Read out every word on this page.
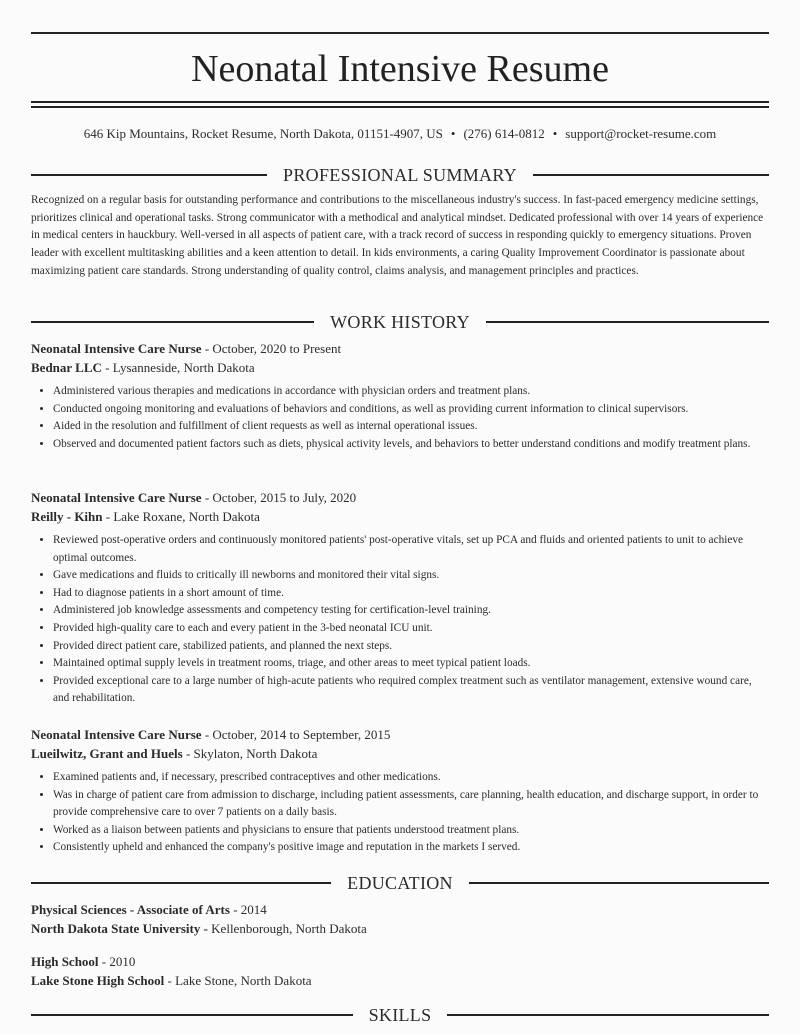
Neonatal Intensive Resume
646 Kip Mountains, Rocket Resume, North Dakota, 01151-4907, US • (276) 614-0812 • support@rocket-resume.com
PROFESSIONAL SUMMARY

Recognized on a regular basis for outstanding performance and contributions to the miscellaneous industry's success. In fast-paced emergency medicine settings, prioritizes clinical and operational tasks. Strong communicator with a methodical and analytical mindset. Dedicated professional with over 14 years of experience in medical centers in hauckbury. Well-versed in all aspects of patient care, with a track record of success in responding quickly to emergency situations. Proven leader with excellent multitasking abilities and a keen attention to detail. In kids environments, a caring Quality Improvement Coordinator is passionate about maximizing patient care standards. Strong understanding of quality control, claims analysis, and management principles and practices.

WORK HISTORY
Neonatal Intensive Care Nurse - October, 2020 to Present
Bednar LLC - Lysanneside, North Dakota
• Administered various therapies and medications in accordance with physician orders and treatment plans.
• Conducted ongoing monitoring and evaluations of behaviors and conditions, as well as providing current information to clinical supervisors.
• Aided in the resolution and fulfillment of client requests as well as internal operational issues.
• Observed and documented patient factors such as diets, physical activity levels, and behaviors to better understand conditions and modify treatment plans.
Neonatal Intensive Care Nurse - October, 2015 to July, 2020
Reilly - Kihn - Lake Roxane, North Dakota
• Reviewed post-operative orders and continuously monitored patients' post-operative vitals, set up PCA and fluids and oriented patients to unit to achieve optimal outcomes.
• Gave medications and fluids to critically ill newborns and monitored their vital signs.
• Had to diagnose patients in a short amount of time.
• Administered job knowledge assessments and competency testing for certification-level training.
• Provided high-quality care to each and every patient in the 3-bed neonatal ICU unit.
• Provided direct patient care, stabilized patients, and planned the next steps.
• Maintained optimal supply levels in treatment rooms, triage, and other areas to meet typical patient loads.
• Provided exceptional care to a large number of high-acute patients who required complex treatment such as ventilator management, extensive wound care, and rehabilitation.
Neonatal Intensive Care Nurse - October, 2014 to September, 2015
Lueilwitz, Grant and Huels - Skylaton, North Dakota
• Examined patients and, if necessary, prescribed contraceptives and other medications.
• Was in charge of patient care from admission to discharge, including patient assessments, care planning, health education, and discharge support, in order to provide comprehensive care to over 7 patients on a daily basis.
• Worked as a liaison between patients and physicians to ensure that patients understood treatment plans.
• Consistently upheld and enhanced the company's positive image and reputation in the markets I served.
EDUCATION
Physical Sciences - Associate of Arts - 2014
North Dakota State University - Kellenborough, North Dakota
High School - 2010
Lake Stone High School - Lake Stone, North Dakota
SKILLS
